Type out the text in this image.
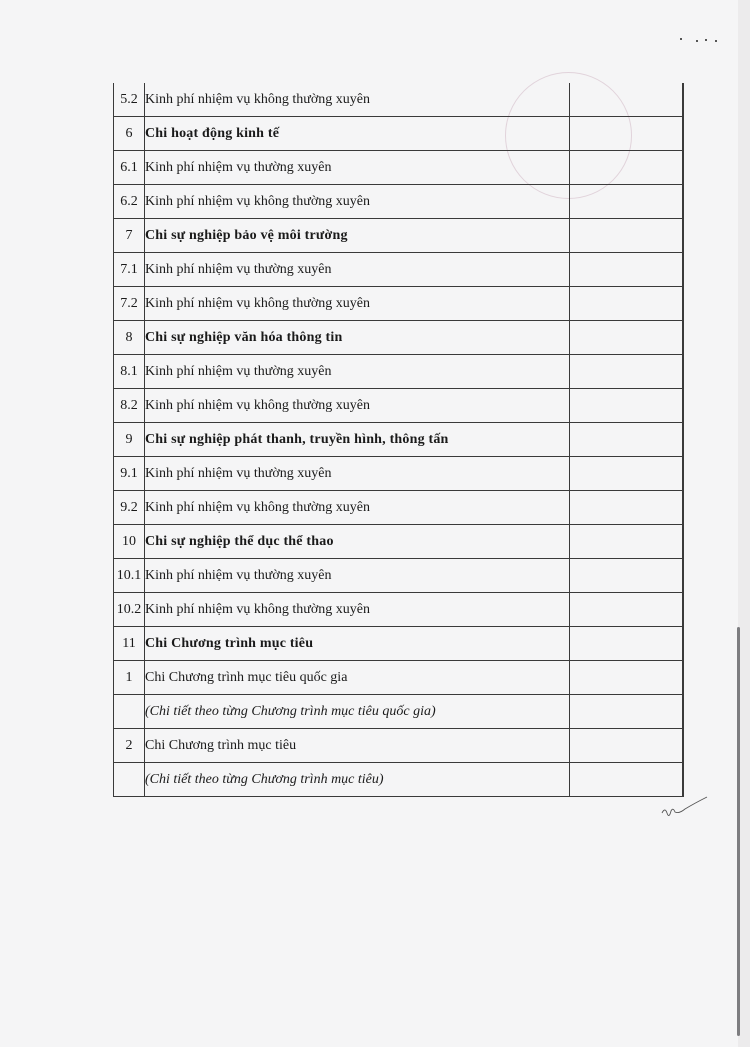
5.2	Kinh phí nhiệm vụ không thường xuyên		
6	Chi hoạt động kinh tế		
6.1	Kinh phí nhiệm vụ thường xuyên		
6.2	Kinh phí nhiệm vụ không thường xuyên		
7	Chi sự nghiệp bảo vệ môi trường		
7.1	Kinh phí nhiệm vụ thường xuyên		
7.2	Kinh phí nhiệm vụ không thường xuyên		
8	Chi sự nghiệp văn hóa thông tin		
8.1	Kinh phí nhiệm vụ thường xuyên		
8.2	Kinh phí nhiệm vụ không thường xuyên		
9	Chi sự nghiệp phát thanh, truyền hình, thông tấn		
9.1	Kinh phí nhiệm vụ thường xuyên		
9.2	Kinh phí nhiệm vụ không thường xuyên		
10	Chi sự nghiệp thể dục thể thao		
10.1	Kinh phí nhiệm vụ thường xuyên		
10.2	Kinh phí nhiệm vụ không thường xuyên		
11	Chi Chương trình mục tiêu		
1	Chi Chương trình mục tiêu quốc gia		
	(Chi tiết theo từng Chương trình mục tiêu quốc gia)		
2	Chi Chương trình mục tiêu		
	(Chi tiết theo từng Chương trình mục tiêu)		
